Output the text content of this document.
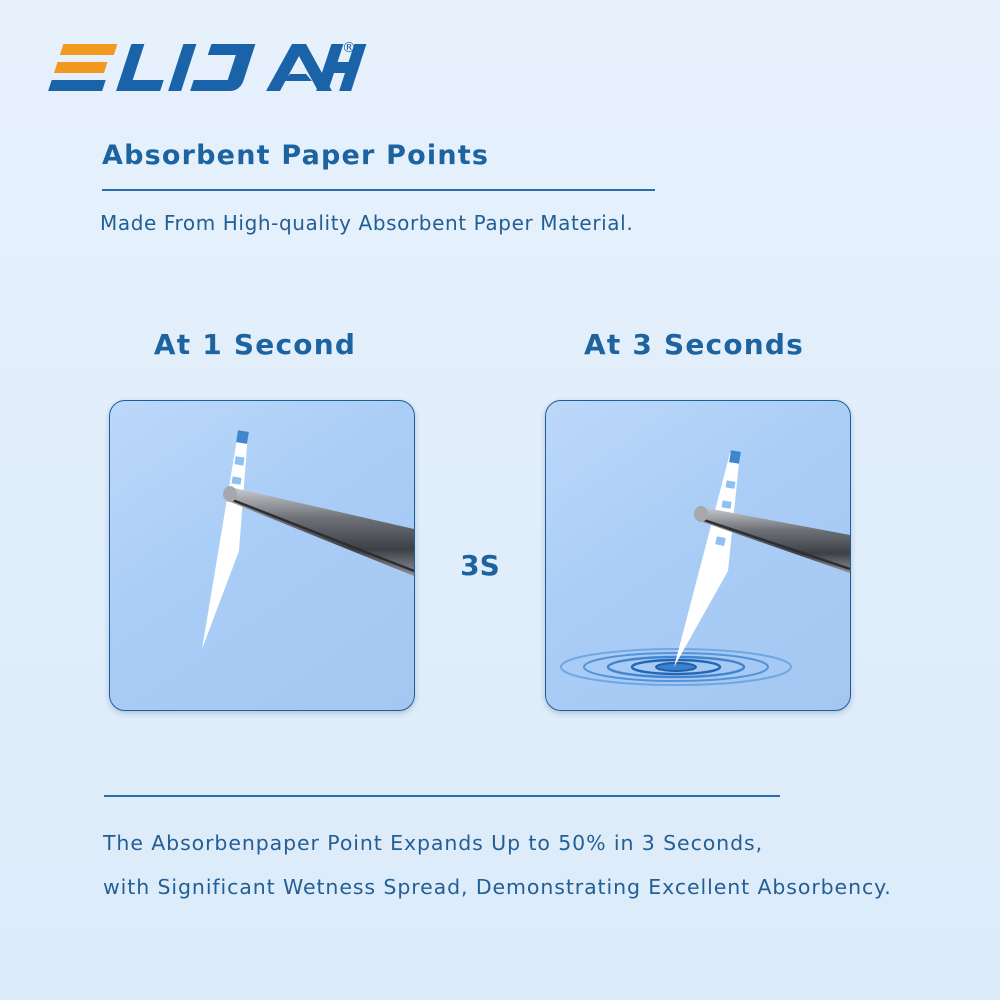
®
Absorbent Paper Points

Made From High-quality Absorbent Paper Material.

At 1 Second	At 3 Seconds

3S

The Absorbenpaper Point Expands Up to 50% in 3 Seconds,

with Significant Wetness Spread, Demonstrating Excellent Absorbency.
